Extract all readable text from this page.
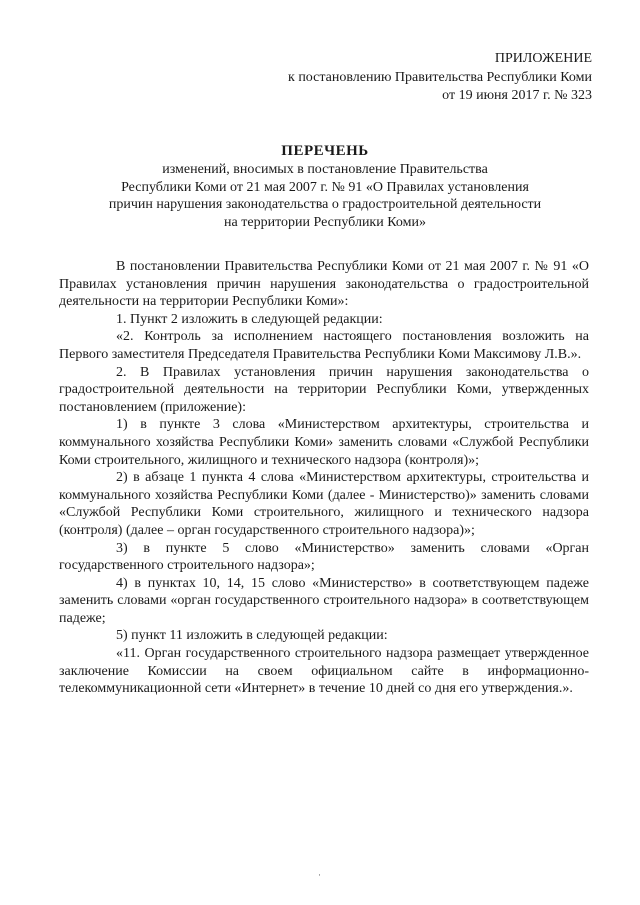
ПРИЛОЖЕНИЕ
к постановлению Правительства Республики Коми
от 19 июня 2017 г. № 323
ПЕРЕЧЕНЬ
изменений, вносимых в постановление Правительства
Республики Коми от 21 мая 2007 г. № 91 «О Правилах установления
причин нарушения законодательства о градостроительной деятельности
на территории Республики Коми»

В постановлении Правительства Республики Коми от 21 мая 2007 г. № 91 «О Правилах установления причин нарушения законодательства о градостроительной деятельности на территории Республики Коми»:

1. Пункт 2 изложить в следующей редакции:

«2. Контроль за исполнением настоящего постановления возложить на Первого заместителя Председателя Правительства Республики Коми Максимову Л.В.».

2. В Правилах установления причин нарушения законодательства о градостроительной деятельности на территории Республики Коми, утвержденных постановлением (приложение):

1) в пункте 3 слова «Министерством архитектуры, строительства и коммунального хозяйства Республики Коми» заменить словами «Службой Республики Коми строительного, жилищного и технического надзора (контроля)»;

2) в абзаце 1 пункта 4 слова «Министерством архитектуры, строительства и коммунального хозяйства Республики Коми (далее - Министерство)» заменить словами «Службой Республики Коми строительного, жилищного и технического надзора (контроля) (далее – орган государственного строительного надзора)»;

3) в пункте 5 слово «Министерство» заменить словами «Орган государственного строительного надзора»;

4) в пунктах 10, 14, 15 слово «Министерство» в соответствующем падеже заменить словами «орган государственного строительного надзора» в соответствующем падеже;

5) пункт 11 изложить в следующей редакции:

«11. Орган государственного строительного надзора размещает утвержденное заключение Комиссии на своем официальном сайте в информационно-телекоммуникационной сети «Интернет» в течение 10 дней со дня его утверждения.».

·
